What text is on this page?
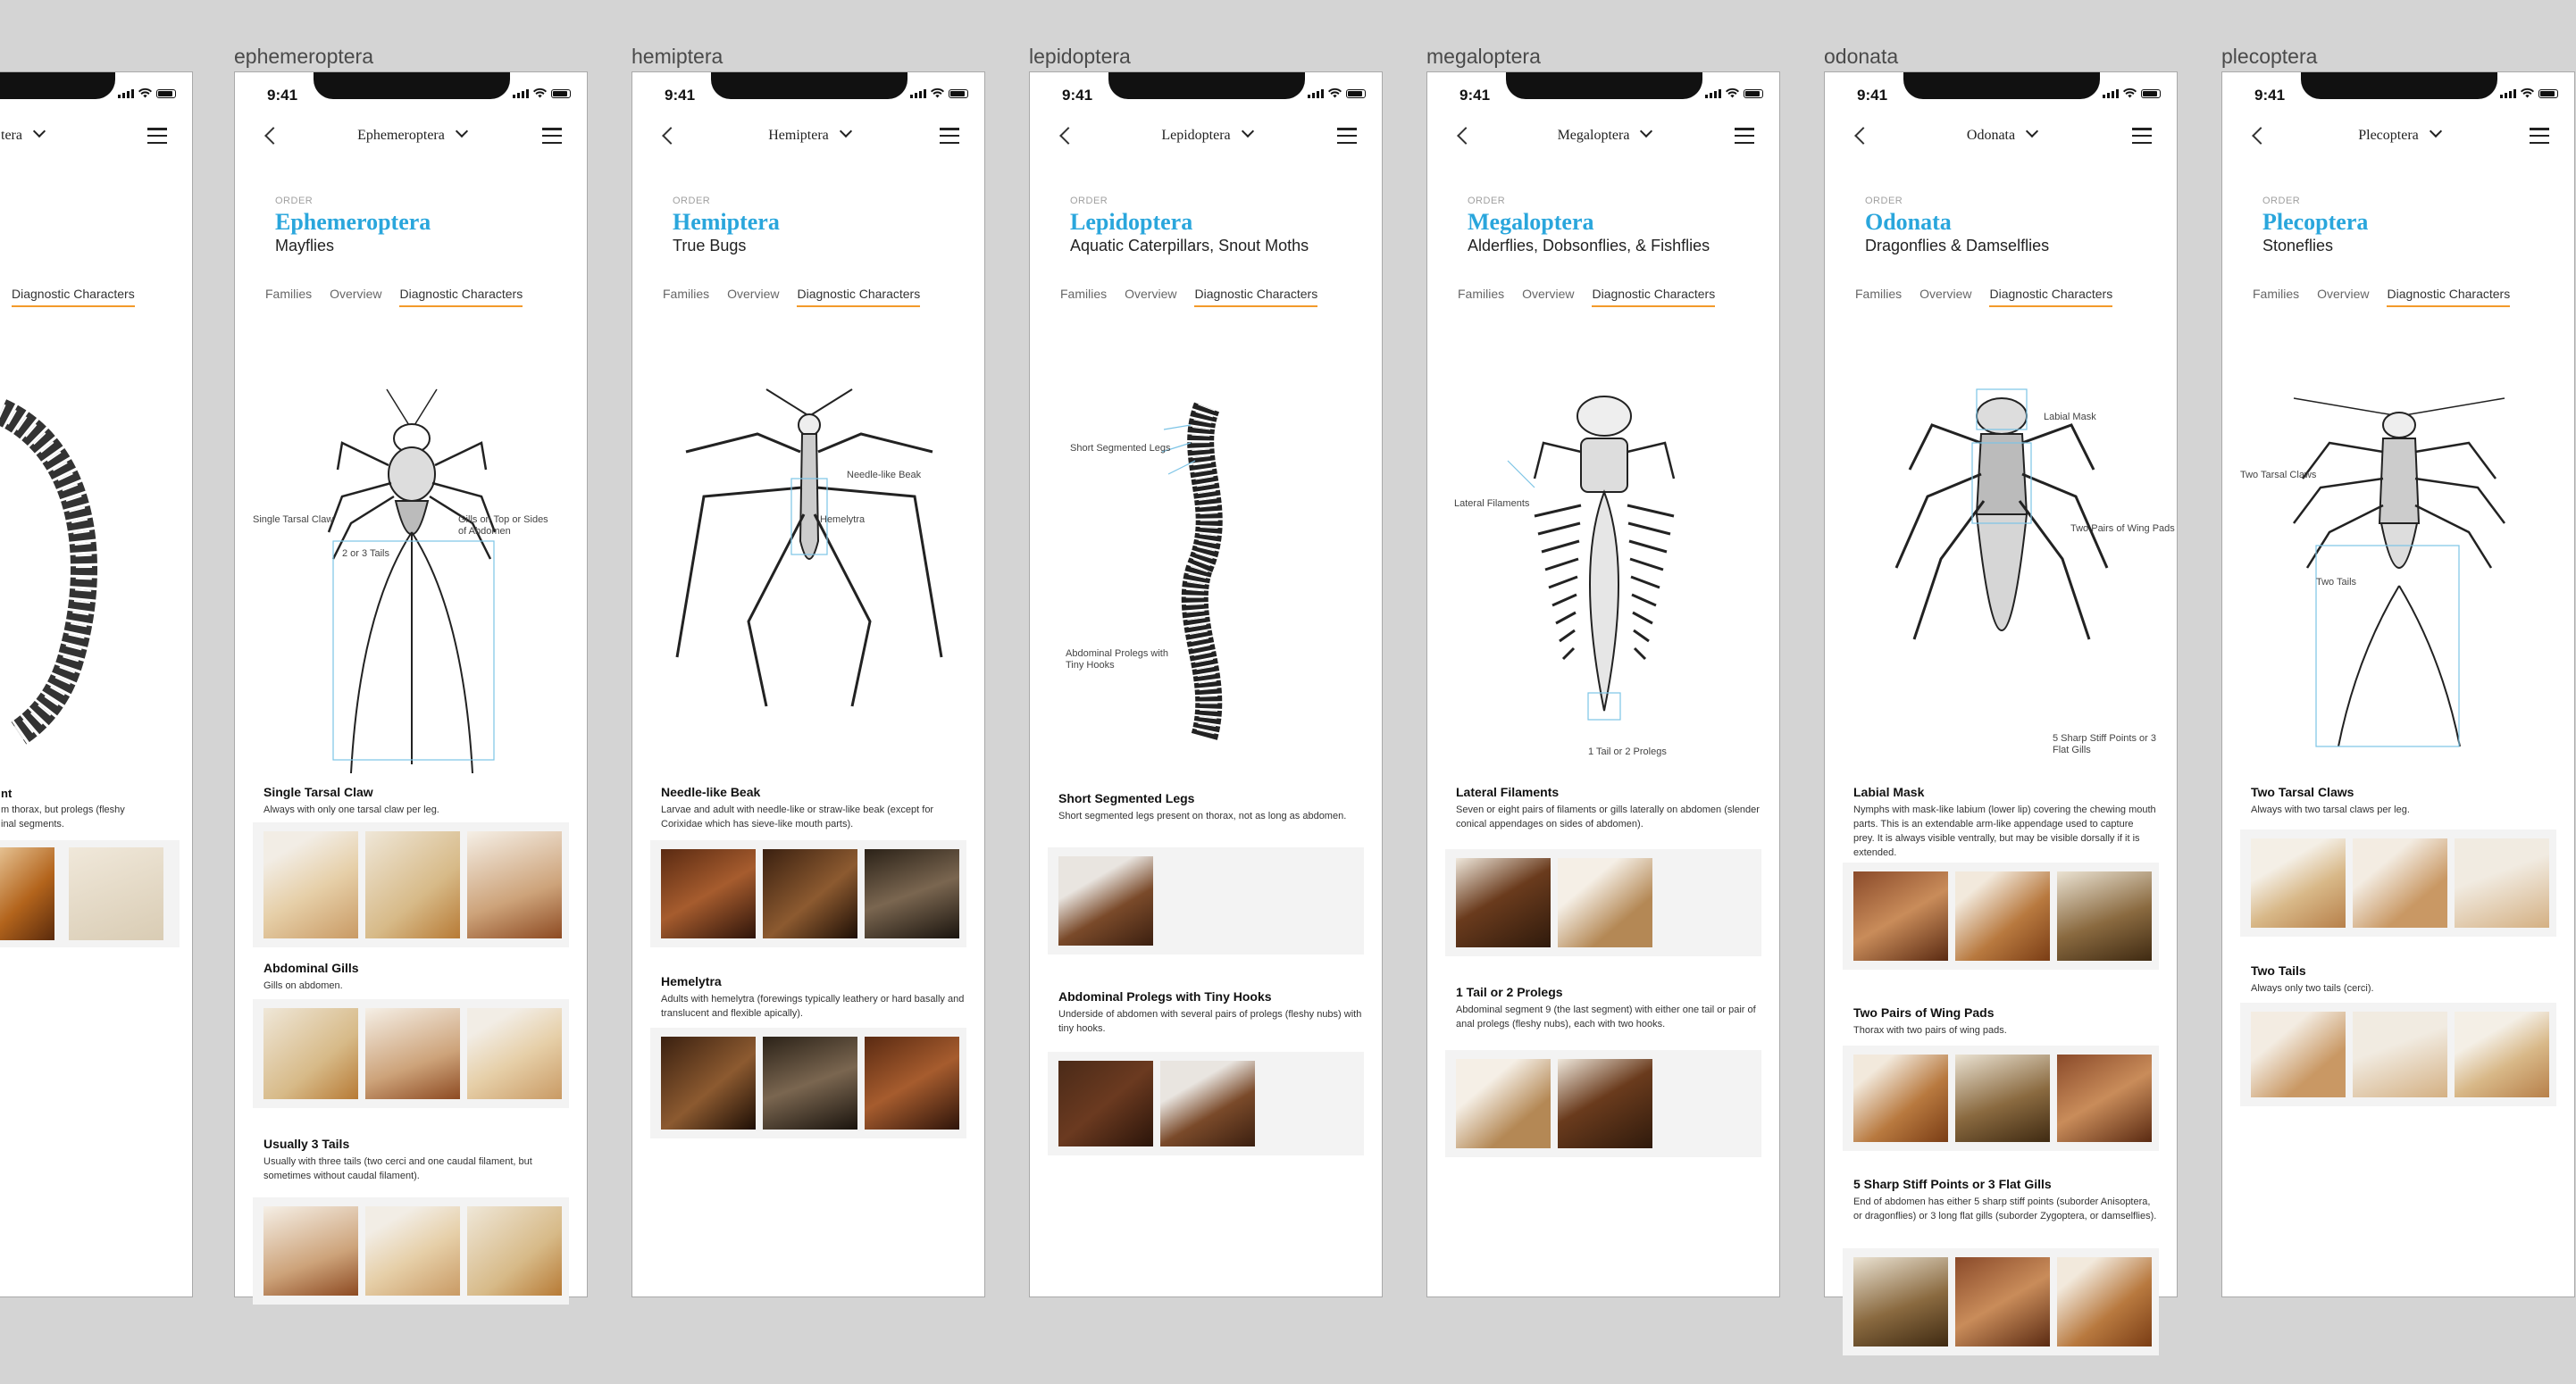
tera
Diagnostic Characters
nt
m thorax, but prolegs (fleshy
inal segments.
ephemeroptera
9:41
Ephemeroptera
ORDER
Ephemeroptera
Mayflies
Families Overview Diagnostic Characters
Single Tarsal Claw	Gills on Top or Sides of Abdomen
2 or 3 Tails
Single Tarsal Claw
Always with only one tarsal claw per leg.
Abdominal Gills
Gills on abdomen.
Usually 3 Tails
Usually with three tails (two cerci and one caudal filament, but sometimes without caudal filament).
hemiptera
9:41
Hemiptera
ORDER
Hemiptera
True Bugs
Families Overview Diagnostic Characters
Needle-like Beak
Hemelytra
Needle-like Beak
Larvae and adult with needle-like or straw-like beak (except for Corixidae which has sieve-like mouth parts).
Hemelytra
Adults with hemelytra (forewings typically leathery or hard basally and translucent and flexible apically).
lepidoptera
9:41
Lepidoptera
ORDER
Lepidoptera
Aquatic Caterpillars, Snout Moths
Families Overview Diagnostic Characters
Short Segmented Legs
Abdominal Prolegs with Tiny Hooks
Short Segmented Legs
Short segmented legs present on thorax, not as long as abdomen.
Abdominal Prolegs with Tiny Hooks
Underside of abdomen with several pairs of prolegs (fleshy nubs) with tiny hooks.
megaloptera
9:41
Megaloptera
ORDER
Megaloptera
Alderflies, Dobsonflies, & Fishflies
Families Overview Diagnostic Characters
Lateral Filaments
1 Tail or 2 Prolegs
Lateral Filaments
Seven or eight pairs of filaments or gills laterally on abdomen (slender conical appendages on sides of abdomen).
1 Tail or 2 Prolegs
Abdominal segment 9 (the last segment) with either one tail or pair of anal prolegs (fleshy nubs), each with two hooks.
odonata
9:41
Odonata
ORDER
Odonata
Dragonflies & Damselflies
Families Overview Diagnostic Characters
Labial Mask
Two Pairs of Wing Pads
5 Sharp Stiff Points or 3 Flat Gills
Labial Mask
Nymphs with mask-like labium (lower lip) covering the chewing mouth parts. This is an extendable arm-like appendage used to capture prey. It is always visible ventrally, but may be visible dorsally if it is extended.
Two Pairs of Wing Pads
Thorax with two pairs of wing pads.
5 Sharp Stiff Points or 3 Flat Gills
End of abdomen has either 5 sharp stiff points (suborder Anisoptera, or dragonflies) or 3 long flat gills (suborder Zygoptera, or damselflies).
plecoptera
9:41
Plecoptera
ORDER
Plecoptera
Stoneflies
Families Overview Diagnostic Characters
Two Tarsal Claws
Two Tails
Two Tarsal Claws
Always with two tarsal claws per leg.
Two Tails
Always only two tails (cerci).
